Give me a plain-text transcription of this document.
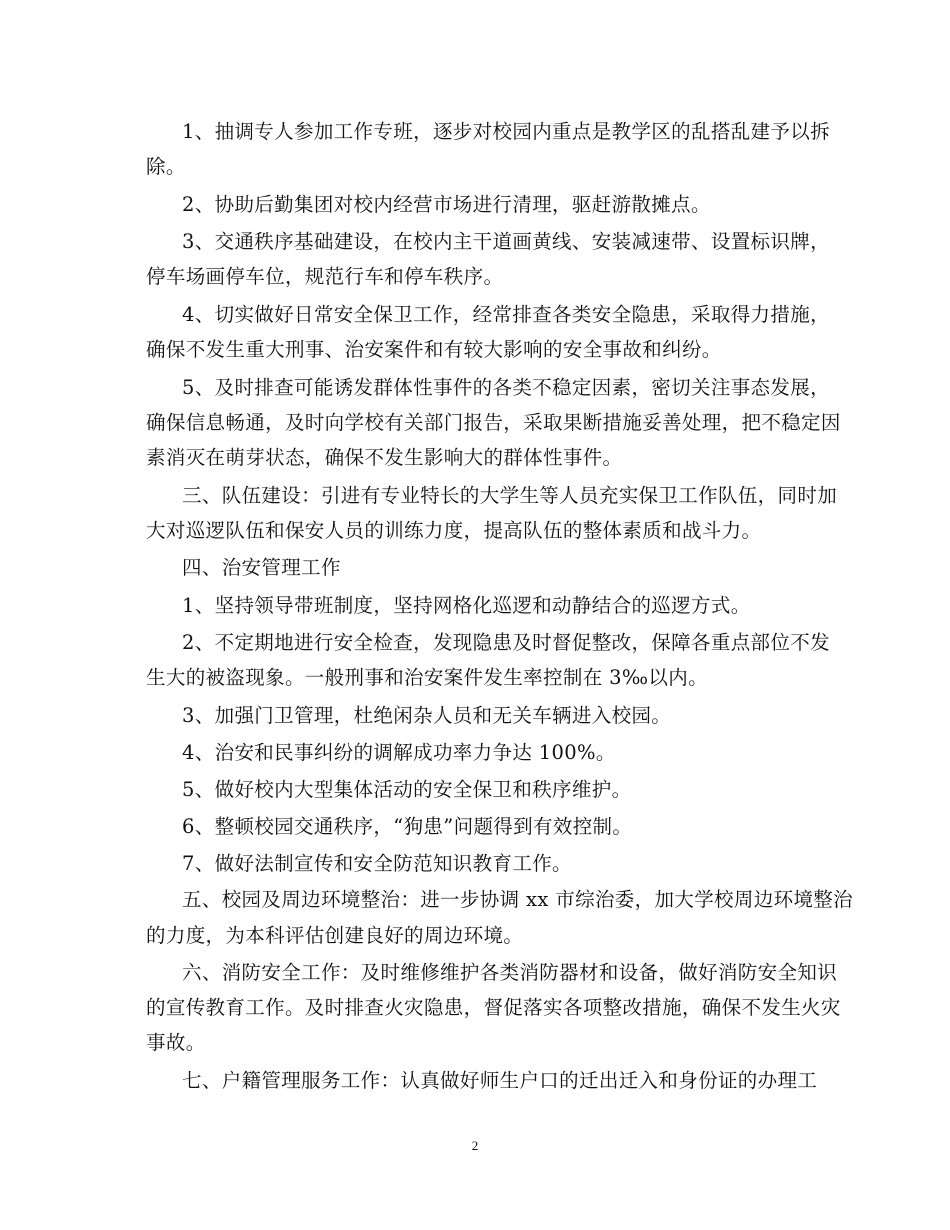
1、抽调专人参加工作专班，逐步对校园内重点是教学区的乱搭乱建予以拆
除。
2、协助后勤集团对校内经营市场进行清理，驱赶游散摊点。
3、交通秩序基础建设，在校内主干道画黄线、安装减速带、设置标识牌，
停车场画停车位，规范行车和停车秩序。
4、切实做好日常安全保卫工作，经常排查各类安全隐患，采取得力措施，
确保不发生重大刑事、治安案件和有较大影响的安全事故和纠纷。
5、及时排查可能诱发群体性事件的各类不稳定因素，密切关注事态发展，
确保信息畅通，及时向学校有关部门报告，采取果断措施妥善处理，把不稳定因
素消灭在萌芽状态，确保不发生影响大的群体性事件。
三、队伍建设：引进有专业特长的大学生等人员充实保卫工作队伍，同时加
大对巡逻队伍和保安人员的训练力度，提高队伍的整体素质和战斗力。
四、治安管理工作
1、坚持领导带班制度，坚持网格化巡逻和动静结合的巡逻方式。
2、不定期地进行安全检查，发现隐患及时督促整改，保障各重点部位不发
生大的被盗现象。一般刑事和治安案件发生率控制在 3‰以内。
3、加强门卫管理，杜绝闲杂人员和无关车辆进入校园。
4、治安和民事纠纷的调解成功率力争达 100%。
5、做好校内大型集体活动的安全保卫和秩序维护。
6、整顿校园交通秩序，“狗患”问题得到有效控制。
7、做好法制宣传和安全防范知识教育工作。
五、校园及周边环境整治：进一步协调 xx 市综治委，加大学校周边环境整治
的力度，为本科评估创建良好的周边环境。
六、消防安全工作：及时维修维护各类消防器材和设备，做好消防安全知识
的宣传教育工作。及时排查火灾隐患，督促落实各项整改措施，确保不发生火灾
事故。
七、户籍管理服务工作：认真做好师生户口的迁出迁入和身份证的办理工
2
